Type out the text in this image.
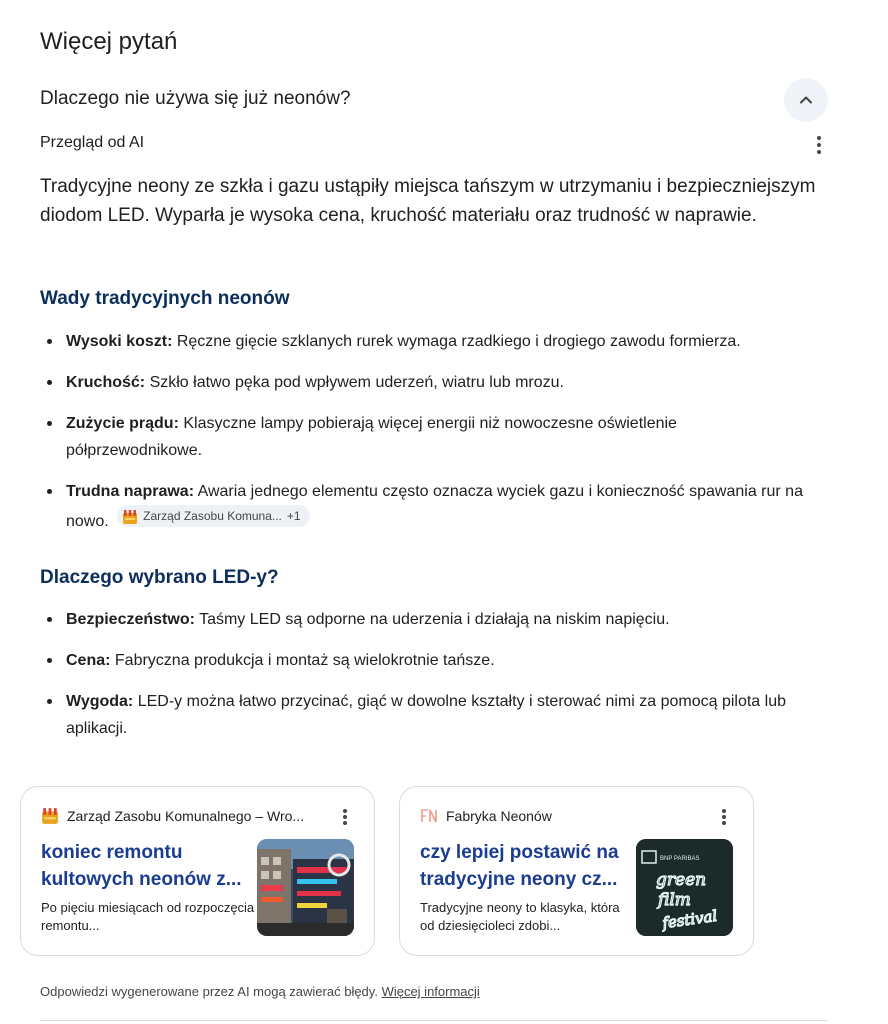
Więcej pytań
Dlaczego nie używa się już neonów?
Przegląd od AI

Tradycyjne neony ze szkła i gazu ustąpiły miejsca tańszym w utrzymaniu i bezpieczniejszym diodom LED. Wyparła je wysoka cena, kruchość materiału oraz trudność w naprawie.

Wady tradycyjnych neonów
Wysoki koszt: Ręczne gięcie szklanych rurek wymaga rzadkiego i drogiego zawodu formierza.
Kruchość: Szkło łatwo pęka pod wpływem uderzeń, wiatru lub mrozu.
Zużycie prądu: Klasyczne lampy pobierają więcej energii niż nowoczesne oświetlenie półprzewodnikowe.
Trudna naprawa: Awaria jednego elementu często oznacza wyciek gazu i konieczność spawania rur na nowo.	Zarząd Zasobu Komuna... +1
Dlaczego wybrano LED-y?
Bezpieczeństwo: Taśmy LED są odporne na uderzenia i działają na niskim napięciu.
Cena: Fabryczna produkcja i montaż są wielokrotnie tańsze.
Wygoda: LED-y można łatwo przycinać, giąć w dowolne kształty i sterować nimi za pomocą pilota lub aplikacji.
Zarząd Zasobu Komunalnego – Wro...
koniec remontu kultowych neonów z...
Po pięciu miesiącach od rozpoczęcia remontu...
Fabryka Neonów
czy lepiej postawić na tradycyjne neony cz...
Tradycyjne neony to klasyka, która od dziesięcioleci zdobi...
BNP PARIBAS
green
film
festival
Odpowiedzi wygenerowane przez AI mogą zawierać błędy. Więcej informacji
